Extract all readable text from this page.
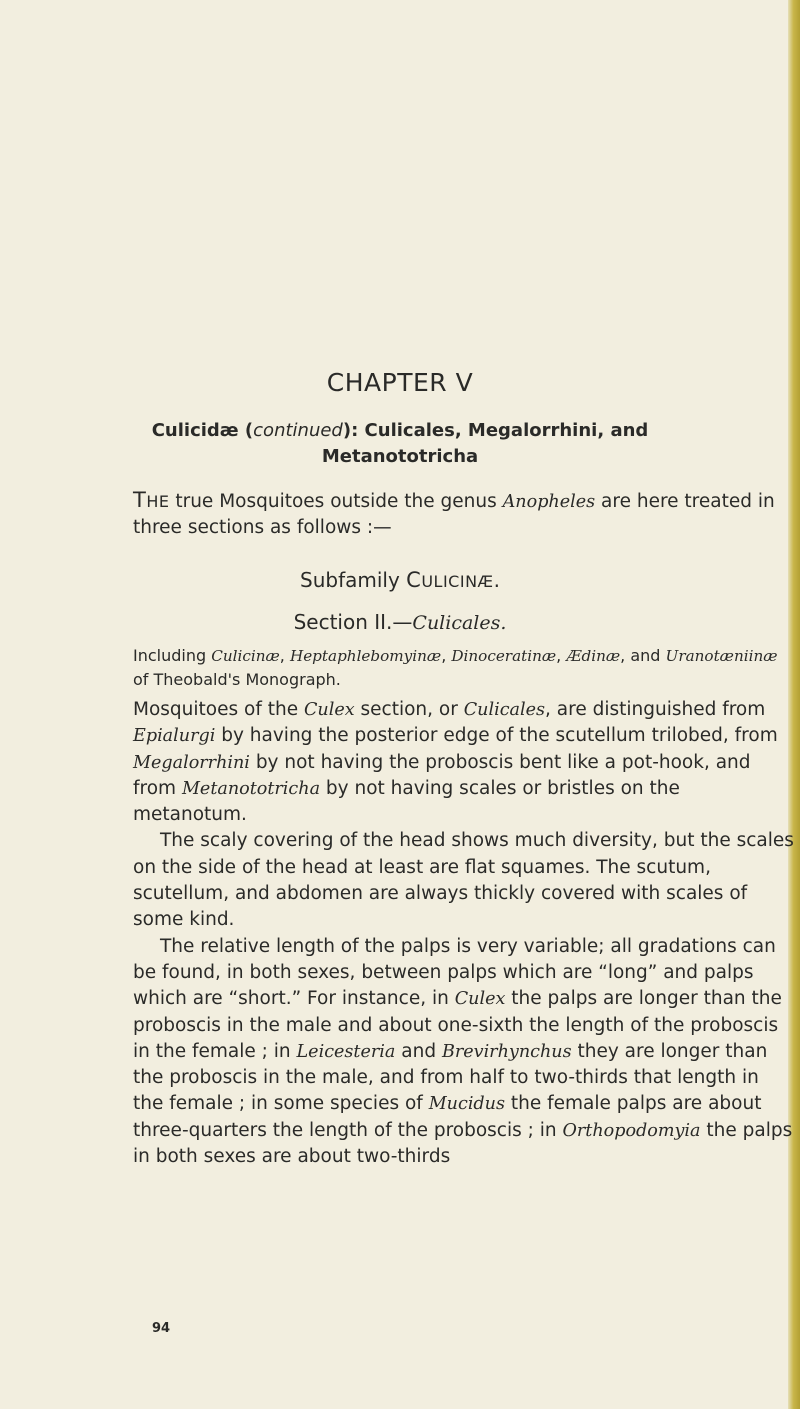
CHAPTER V
Culicidæ (continued): Culicales, Megalorrhini, and
Metanototricha
THE true Mosquitoes outside the genus Anopheles are here treated in three sections as follows :—
Subfamily CULICINÆ.
Section II.—Culicales.
Including Culicinæ, Heptaphlebomyinæ, Dinoceratinæ, Ædinæ, and Uranotæniinæ of Theobald's Monograph.

Mosquitoes of the Culex section, or Culicales, are distinguished from Epialurgi by having the posterior edge of the scutellum trilobed, from Megalorrhini by not having the proboscis bent like a pot-hook, and from Metanototricha by not having scales or bristles on the metanotum.

The scaly covering of the head shows much diversity, but the scales on the side of the head at least are flat squames. The scutum, scutellum, and abdomen are always thickly covered with scales of some kind.

The relative length of the palps is very variable; all gradations can be found, in both sexes, between palps which are “long” and palps which are “short.” For instance, in Culex the palps are longer than the proboscis in the male and about one-sixth the length of the proboscis in the female ; in Leicesteria and Brevirhynchus they are longer than the proboscis in the male, and from half to two-thirds that length in the female ; in some species of Mucidus the female palps are about three-quarters the length of the proboscis ; in Orthopodomyia the palps in both sexes are about two-thirds

94
